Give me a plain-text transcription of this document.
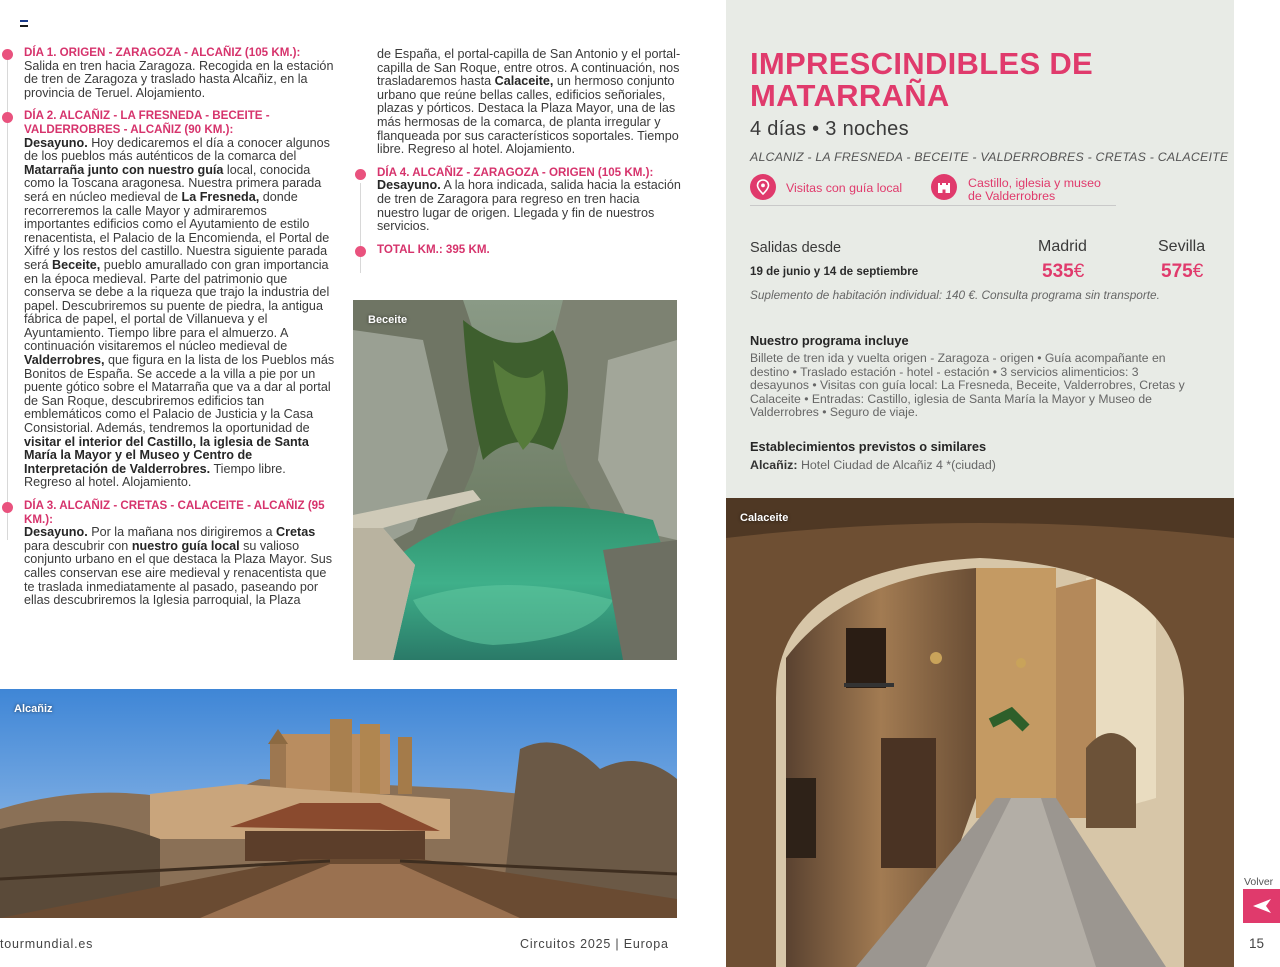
DÍA 1. ORIGEN - ZARAGOZA - ALCAÑIZ (105 KM.):

Salida en tren hacia Zaragoza. Recogida en la estación de tren de Zaragoza y traslado hasta Alcañiz, en la provincia de Teruel. Alojamiento.

DÍA 2. ALCAÑIZ - LA FRESNEDA - BECEITE - VALDERROBRES - ALCAÑIZ (90 KM.):

Desayuno. Hoy dedicaremos el día a conocer algunos de los pueblos más auténticos de la comarca del Matarraña junto con nuestro guía local, conocida como la Toscana aragonesa. Nuestra primera parada será en núcleo medieval de La Fresneda, donde recorreremos la calle Mayor y admiraremos importantes edificios como el Ayutamiento de estilo renacentista, el Palacio de la Encomienda, el Portal de Xifré y los restos del castillo. Nuestra siguiente parada será Beceite, pueblo amurallado con gran importancia en la época medieval. Parte del patrimonio que conserva se debe a la riqueza que trajo la industria del papel. Descubriremos su puente de piedra, la antigua fábrica de papel, el portal de Villanueva y el Ayuntamiento. Tiempo libre para el almuerzo. A continuación visitaremos el núcleo medieval de Valderrobres, que figura en la lista de los Pueblos más Bonitos de España. Se accede a la villa a pie por un puente gótico sobre el Matarraña que va a dar al portal de San Roque, descubriremos edificios tan emblemáticos como el Palacio de Justicia y la Casa Consistorial. Además, tendremos la oportunidad de visitar el interior del Castillo, la iglesia de Santa María la Mayor y el Museo y Centro de Interpretación de Valderrobres. Tiempo libre. Regreso al hotel. Alojamiento.

DÍA 3. ALCAÑIZ - CRETAS - CALACEITE - ALCAÑIZ (95 KM.):

Desayuno. Por la mañana nos dirigiremos a Cretas para descubrir con nuestro guía local su valioso conjunto urbano en el que destaca la Plaza Mayor. Sus calles conservan ese aire medieval y renacentista que te traslada inmediatamente al pasado, paseando por ellas descubriremos la Iglesia parroquial, la Plaza

de España, el portal-capilla de San Antonio y el portal-capilla de San Roque, entre otros. A continuación, nos trasladaremos hasta Calaceite, un hermoso conjunto urbano que reúne bellas calles, edificios señoriales, plazas y pórticos. Destaca la Plaza Mayor, una de las más hermosas de la comarca, de planta irregular y flanqueada por sus característicos soportales. Tiempo libre. Regreso al hotel. Alojamiento.

DÍA 4. ALCAÑIZ - ZARAGOZA - ORIGEN (105 KM.):

Desayuno. A la hora indicada, salida hacia la estación de tren de Zaragora para regreso en tren hacia nuestro lugar de origen. Llegada y fin de nuestros servicios.

TOTAL KM.: 395 KM.
Beceite
Alcañiz
tourmundial.es	Circuitos 2025 | Europa
IMPRESCINDIBLES DE MATARRAÑA
4 días • 3 noches
ALCANIZ - LA FRESNEDA - BECEITE - VALDERROBRES - CRETAS - CALACEITE
Visitas con guía local	Castillo, iglesia y museo
de Valderrobres
Salidas desde
19 de junio y 14 de septiembre
Madrid
535€
Sevilla
575€
Suplemento de habitación individual: 140 €. Consulta programa sin transporte.
Nuestro programa incluye
Billete de tren ida y vuelta origen - Zaragoza - origen • Guía acompañante en destino • Traslado estación - hotel - estación • 3 servicios alimenticios: 3 desayunos • Visitas con guía local: La Fresneda, Beceite, Valderrobres, Cretas y Calaceite • Entradas: Castillo, iglesia de Santa María la Mayor y Museo de Valderrobres • Seguro de viaje.
Establecimientos previstos o similares
Alcañiz: Hotel Ciudad de Alcañiz 4 *(ciudad)
Calaceite
Volver
15
